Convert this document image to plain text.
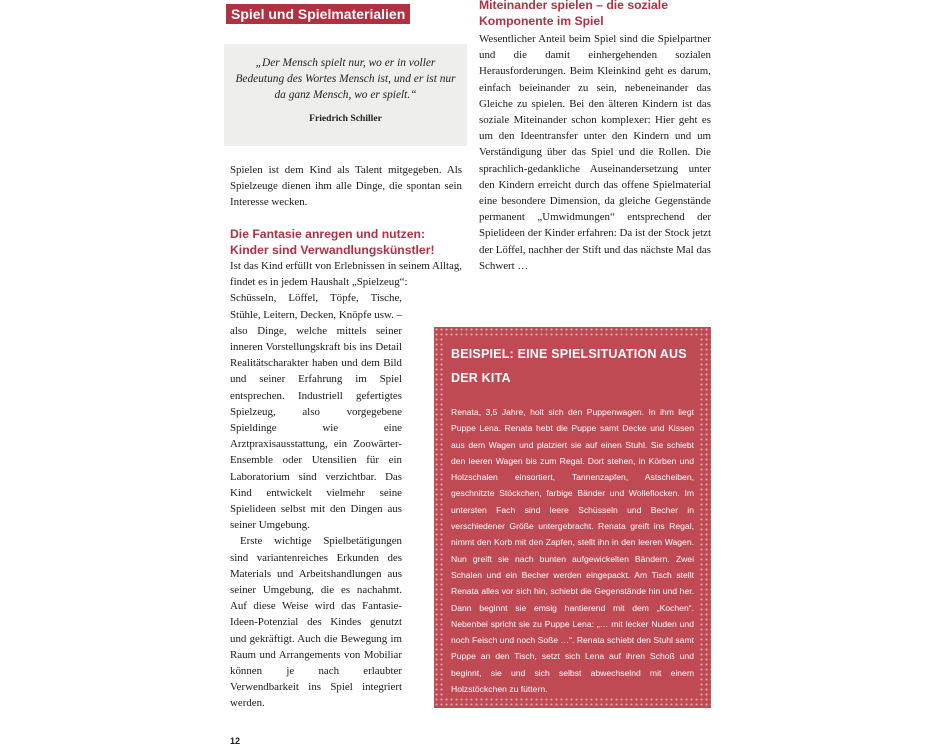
Spiel und Spielmaterialien
„Der Mensch spielt nur, wo er in voller Bedeutung des Wortes Mensch ist, und er ist nur da ganz Mensch, wo er spielt.“
Friedrich Schiller
Spielen ist dem Kind als Talent mitgegeben. Als Spielzeuge dienen ihm alle Dinge, die spontan sein Interesse wecken.
Die Fantasie anregen und nutzen: Kinder sind Verwandlungskünstler!

Ist das Kind erfüllt von Erlebnissen in seinem Alltag, findet es in jedem Haushalt „Spielzeug“:

Schüsseln, Löffel, Töpfe, Tische, Stühle, Leitern, Decken, Knöpfe usw. – also Dinge, welche mittels seiner inneren Vorstellungskraft bis ins Detail Realitätscharakter haben und dem Bild und seiner Erfahrung im Spiel entsprechen. Industriell gefertigtes Spielzeug, also vorgegebene Spieldinge wie eine Arztpraxisausstattung, ein Zoowärter-Ensemble oder Utensilien für ein Laboratorium sind verzichtbar. Das Kind entwickelt vielmehr seine Spielideen selbst mit den Dingen aus seiner Umgebung.

Erste wichtige Spielbetätigungen sind variantenreiches Erkunden des Materials und Arbeitshandlungen aus seiner Umgebung, die es nachahmt. Auf diese Weise wird das Fantasie-Ideen-Potenzial des Kindes genutzt und gekräftigt. Auch die Bewegung im Raum und Arrangements von Mobiliar können je nach erlaubter Verwendbarkeit ins Spiel integriert werden.

Miteinander spielen – die soziale Komponente im Spiel
Wesentlicher Anteil beim Spiel sind die Spielpartner und die damit einhergehenden sozialen Herausforderungen. Beim Kleinkind geht es darum, einfach beieinander zu sein, nebeneinander das Gleiche zu spielen. Bei den älteren Kindern ist das soziale Miteinander schon komplexer: Hier geht es um den Ideentransfer unter den Kindern und um Verständigung über das Spiel und die Rollen. Die sprachlich-gedankliche Auseinandersetzung unter den Kindern erreicht durch das offene Spielmaterial eine besondere Dimension, da gleiche Gegenstände permanent „Umwidmungen“ entsprechend der Spielideen der Kinder erfahren: Da ist der Stock jetzt der Löffel, nachher der Stift und das nächste Mal das Schwert …
BEISPIEL: EINE SPIELSITUATION AUS DER KITA
Renata, 3,5 Jahre, holt sich den Puppenwagen. In ihm liegt Puppe Lena. Renata hebt die Puppe samt Decke und Kissen aus dem Wagen und platziert sie auf einen Stuhl. Sie schiebt den leeren Wagen bis zum Regal. Dort stehen, in Körben und Holzschalen einsortiert, Tannenzapfen, Astscheiben, geschnitzte Stöckchen, farbige Bänder und Wolleflocken. Im untersten Fach sind leere Schüsseln und Becher in verschiedener Größe untergebracht. Renata greift ins Regal, nimmt den Korb mit den Zapfen, stellt ihn in den leeren Wagen. Nun greift sie nach bunten aufgewickelten Bändern. Zwei Schalen und ein Becher werden eingepackt. Am Tisch stellt Renata alles vor sich hin, schiebt die Gegenstände hin und her. Dann beginnt sie emsig hantierend mit dem „Kochen“. Nebenbei spricht sie zu Puppe Lena: „… mit lecker Nuden und noch Feisch und noch Soße …“. Renata schiebt den Stuhl samt Puppe an den Tisch, setzt sich Lena auf ihren Schoß und beginnt, sie und sich selbst abwechselnd mit einem Holzstöckchen zu füttern.
12
